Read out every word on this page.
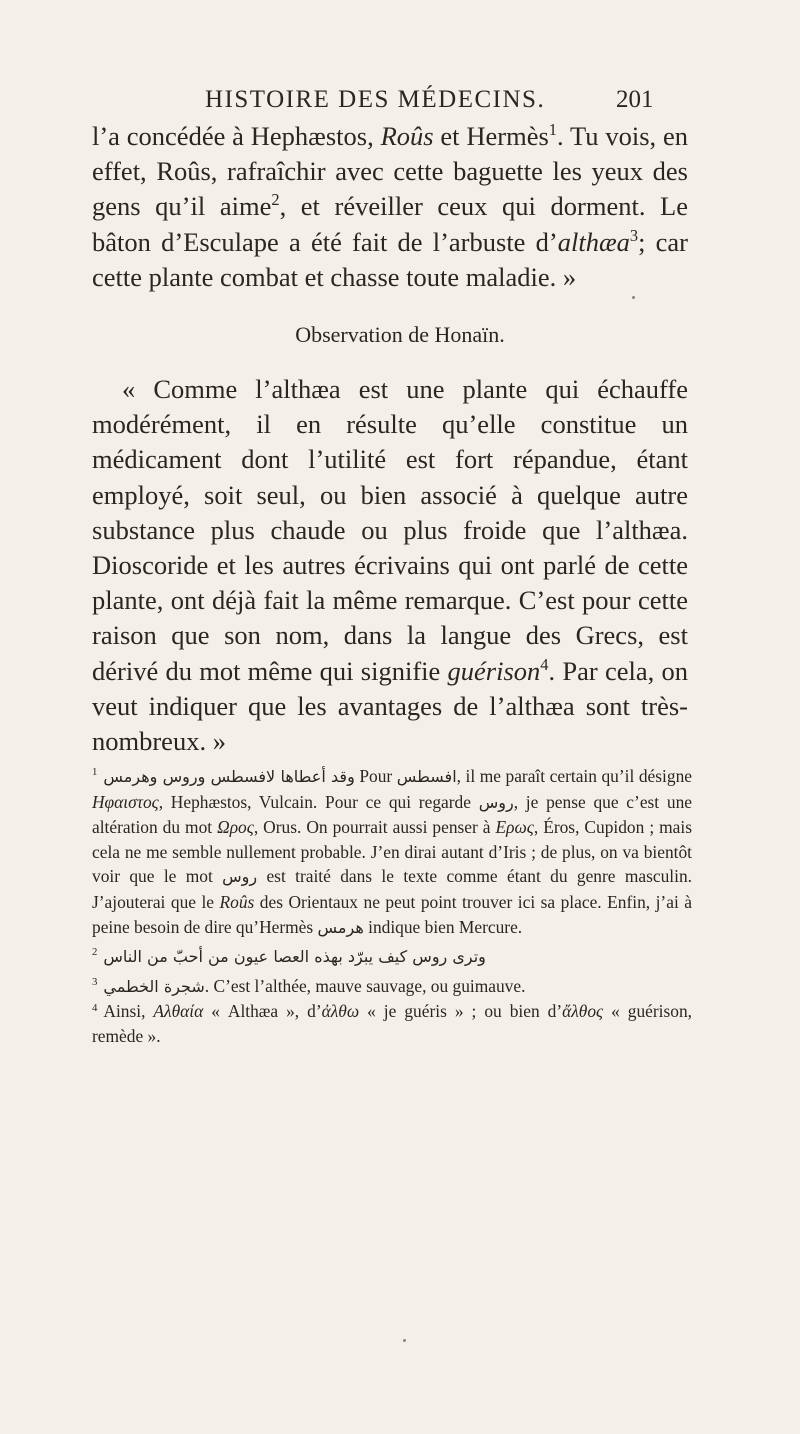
HISTOIRE DES MÉDECINS.	201

l’a concédée à Hephæstos, Roûs et Hermès$^1$. Tu vois, en effet, Roûs, rafraîchir avec cette baguette les yeux des gens qu’il aime$^2$, et réveiller ceux qui dorment. Le bâton d’Esculape a été fait de l’arbuste d’althæa$^3$; car cette plante combat et chasse toute maladie. »

Observation de Honaïn.

« Comme l’althæa est une plante qui échauffe modérément, il en résulte qu’elle constitue un médicament dont l’utilité est fort répandue, étant employé, soit seul, ou bien associé à quelque autre substance plus chaude ou plus froide que l’althæa. Dioscoride et les autres écrivains qui ont parlé de cette plante, ont déjà fait la même remarque. C’est pour cette raison que son nom, dans la langue des Grecs, est dérivé du mot même qui signifie guérison$^4$. Par cela, on veut indiquer que les avantages de l’althæa sont très-nombreux. »

$^1$ وقد أعطاها لافسطس وروس وهرمس Pour افسطس, il me paraît certain qu’il désigne Ηφαιστος, Hephæstos, Vulcain. Pour ce qui regarde روس, je pense que c’est une altération du mot Ωρος, Orus. On pourrait aussi penser à Ερως, Éros, Cupidon ; mais cela ne me semble nullement probable. J’en dirai autant d’Iris ; de plus, on va bientôt voir que le mot روس est traité dans le texte comme étant du genre masculin. J’ajouterai que le Roûs des Orientaux ne peut point trouver ici sa place. Enfin, j’ai à peine besoin de dire qu’Hermès هرمس indique bien Mercure.

$^2$ وترى روس كيف يبرّد بهذه العصا عيون من أحبّ من الناس

$^3$ شجرة الخطمي. C’est l’althée, mauve sauvage, ou guimauve.

$^4$ Ainsi, Αλθαία « Althæa », d’ἀλθω « je guéris » ; ou bien d’ἄλθος « guérison, remède ».
